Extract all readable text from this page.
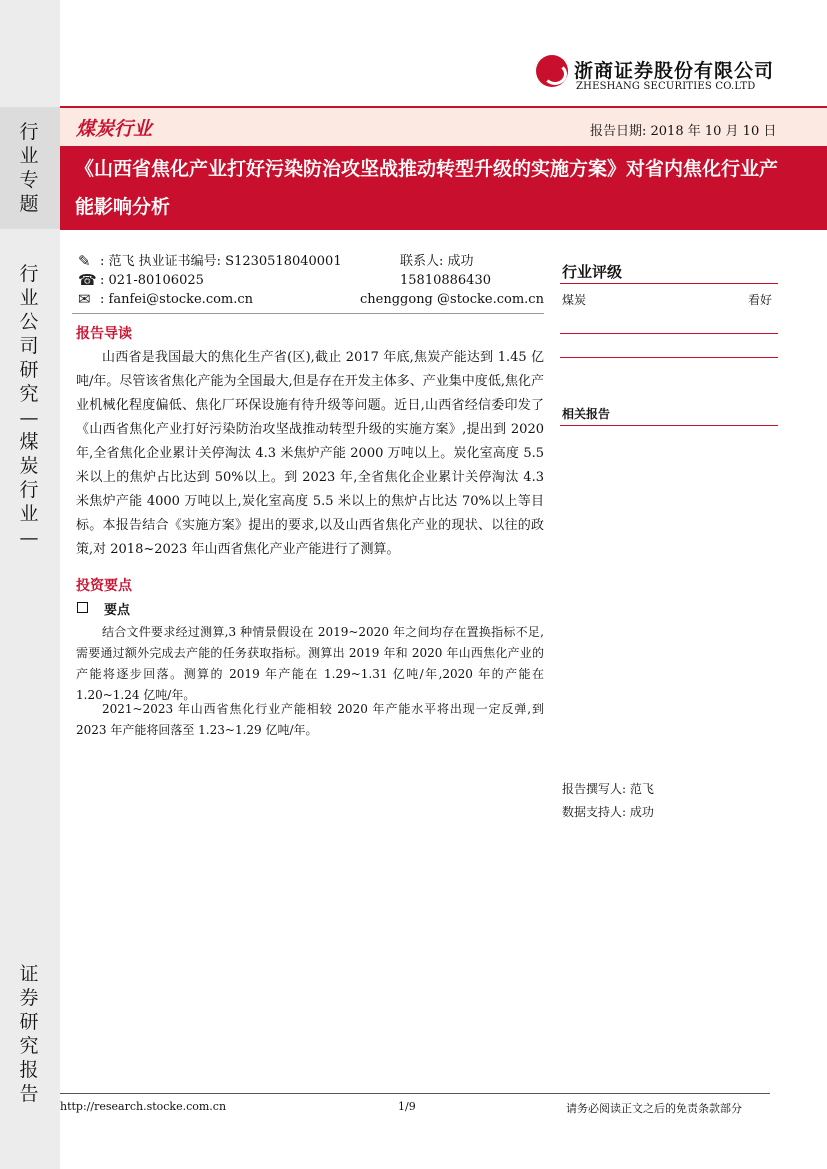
行业专题
行业公司研究—煤炭行业—
证券研究报告
浙商证券股份有限公司
ZHESHANG SECURITIES CO.LTD
煤炭行业	报告日期: 2018 年 10 月 10 日
《山西省焦化产业打好污染防治攻坚战推动转型升级的实施方案》对省内焦化行业产能影响分析
✎
☎
✉
: 范飞 执业证书编号: S1230518040001	联系人: 成功
: 021-80106025	15810886430
: fanfei@stocke.com.cn	chenggong @stocke.com.cn
报告导读
山西省是我国最大的焦化生产省(区),截止 2017 年底,焦炭产能达到 1.45 亿吨/年。尽管该省焦化产能为全国最大,但是存在开发主体多、产业集中度低,焦化产业机械化程度偏低、焦化厂环保设施有待升级等问题。近日,山西省经信委印发了《山西省焦化产业打好污染防治攻坚战推动转型升级的实施方案》,提出到 2020 年,全省焦化企业累计关停淘汰 4.3 米焦炉产能 2000 万吨以上。炭化室高度 5.5 米以上的焦炉占比达到 50%以上。到 2023 年,全省焦化企业累计关停淘汰 4.3 米焦炉产能 4000 万吨以上,炭化室高度 5.5 米以上的焦炉占比达 70%以上等目标。本报告结合《实施方案》提出的要求,以及山西省焦化产业的现状、以往的政策,对 2018~2023 年山西省焦化产业产能进行了测算。
投资要点
要点
结合文件要求经过测算,3 种情景假设在 2019~2020 年之间均存在置换指标不足,需要通过额外完成去产能的任务获取指标。测算出 2019 年和 2020 年山西焦化产业的产能将逐步回落。测算的 2019 年产能在 1.29~1.31 亿吨/年,2020 年的产能在 1.20~1.24 亿吨/年。
2021~2023 年山西省焦化行业产能相较 2020 年产能水平将出现一定反弹,到 2023 年产能将回落至 1.23~1.29 亿吨/年。
行业评级
煤炭	看好
相关报告
报告撰写人: 范飞
数据支持人: 成功
http://research.stocke.com.cn	1/9	请务必阅读正文之后的免责条款部分
